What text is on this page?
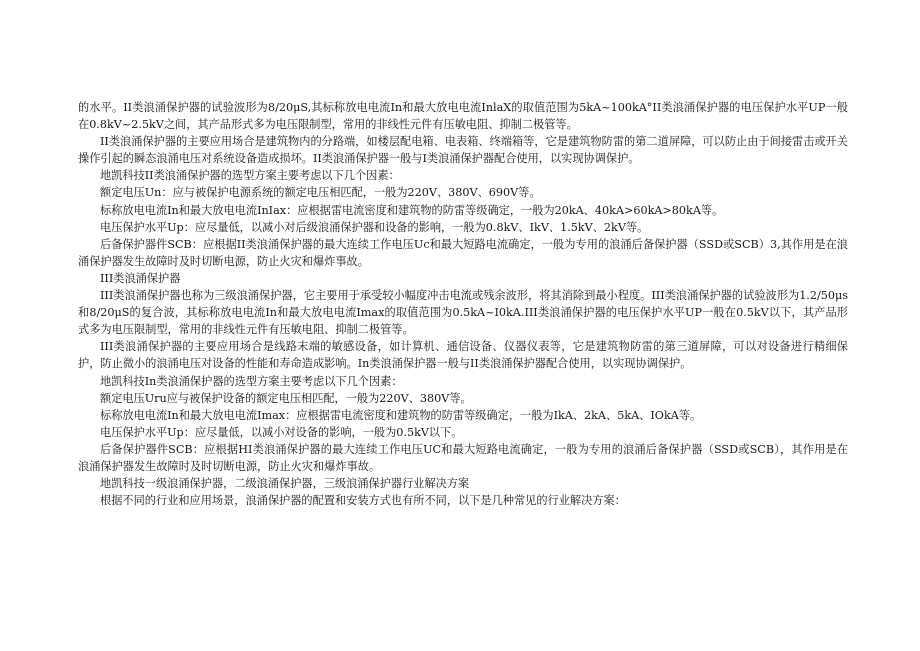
的水平。II类浪涌保护器的试验波形为8/20μS,其标称放电电流In和最大放电电流InlaX的取值范围为5kA~100kA°II类浪涌保护器的电压保护水平UP一般在0.8kV~2.5kV之间，其产品形式多为电压限制型，常用的非线性元件有压敏电阻、抑制二极管等。

II类浪涌保护器的主要应用场合是建筑物内的分路端，如楼层配电箱、电表箱、终端箱等，它是建筑物防雷的第二道屏障，可以防止由于间接雷击或开关操作引起的瞬态浪涌电压对系统设备造成损坏。II类浪涌保护器一般与I类浪涌保护器配合使用，以实现协调保护。

地凯科技II类浪涌保护器的选型方案主要考虑以下几个因素：

额定电压Un：应与被保护电源系统的额定电压相匹配，一般为220V、380V、690V等。

标称放电电流In和最大放电电流InIax：应根据雷电流密度和建筑物的防雷等级确定，一般为20kA、40kA>60kA>80kA等。

电压保护水平Up：应尽量低，以减小对后级浪涌保护器和设备的影响，一般为0.8kV、IkV、1.5kV、2kV等。

后备保护器件SCB：应根据II类浪涌保护器的最大连续工作电压Uc和最大短路电流确定，一般为专用的浪涌后备保护器（SSD或SCB）3,其作用是在浪涌保护器发生故障时及时切断电源，防止火灾和爆炸事故。

III类浪涌保护器

III类浪涌保护器也称为三级浪涌保护器，它主要用于承受较小幅度冲击电流或残余波形，将其消除到最小程度。III类浪涌保护器的试验波形为1.2/50μs和8/20μS的复合波，其标称放电电流In和最大放电电流Imax的取值范围为0.5kA~I0kA.III类浪涌保护器的电压保护水平UP一般在0.5kV以下，其产品形式多为电压限制型，常用的非线性元件有压敏电阻、抑制二极管等。

III类浪涌保护器的主要应用场合是线路末端的敏感设备，如计算机、通信设备、仪器仪表等，它是建筑物防雷的第三道屏障，可以对设备进行精细保护，防止微小的浪涌电压对设备的性能和寿命造成影响。In类浪涌保护器一般与II类浪涌保护器配合使用，以实现协调保护。

地凯科技In类浪涌保护器的选型方案主要考虑以下几个因素：

额定电压Uru应与被保护设备的额定电压相匹配，一般为220V、380V等。

标称放电电流In和最大放电电流Imax：应根据雷电流密度和建筑物的防雷等级确定，一般为IkA、2kA、5kA、IOkA等。

电压保护水平Up：应尽量低，以减小对设备的影响，一般为0.5kV以下。

后备保护器件SCB：应根据HI类浪涌保护器的最大连续工作电压UC和最大短路电流确定，一般为专用的浪涌后备保护器（SSD或SCB），其作用是在浪涌保护器发生故障时及时切断电源，防止火灾和爆炸事故。

地凯科技一级浪涌保护器，二级浪涌保护器，三级浪涌保护器行业解决方案

根据不同的行业和应用场景，浪涌保护器的配置和安装方式也有所不同，以下是几种常见的行业解决方案：
